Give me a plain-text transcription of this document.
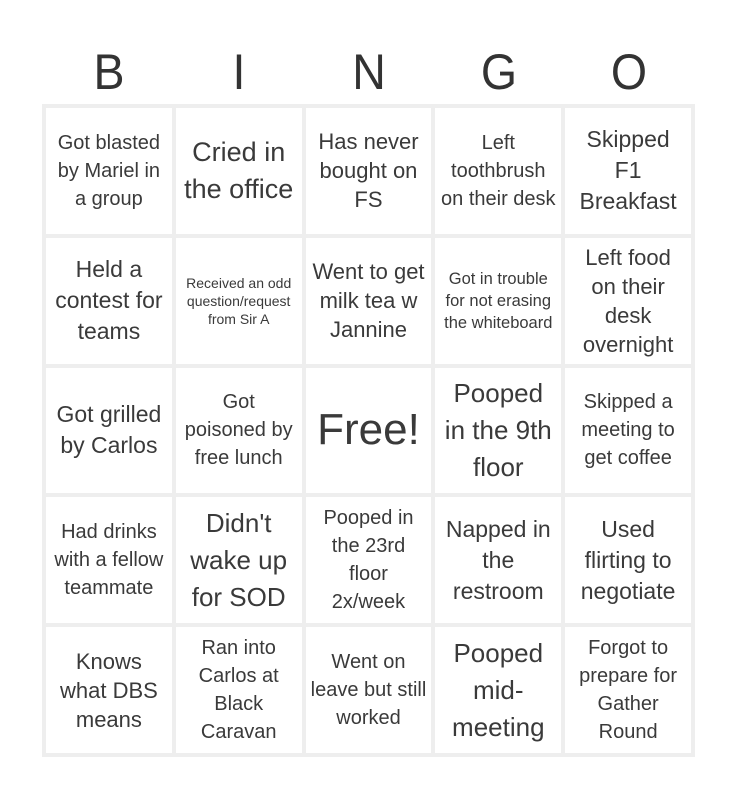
B	I	N	G	O
Got blasted by Mariel in a group
Cried in the office
Has never bought on FS
Left toothbrush on their desk
Skipped F1 Breakfast
Held a contest for teams
Received an odd question/request from Sir A
Went to get milk tea w Jannine
Got in trouble for not erasing the whiteboard
Left food on their desk overnight
Got grilled by Carlos
Got poisoned by free lunch
Free!
Pooped in the 9th floor
Skipped a meeting to get coffee
Had drinks with a fellow teammate
Didn't wake up for SOD
Pooped in the 23rd floor 2x/week
Napped in the restroom
Used flirting to negotiate
Knows what DBS means
Ran into Carlos at Black Caravan
Went on leave but still worked
Pooped mid-meeting
Forgot to prepare for Gather Round
